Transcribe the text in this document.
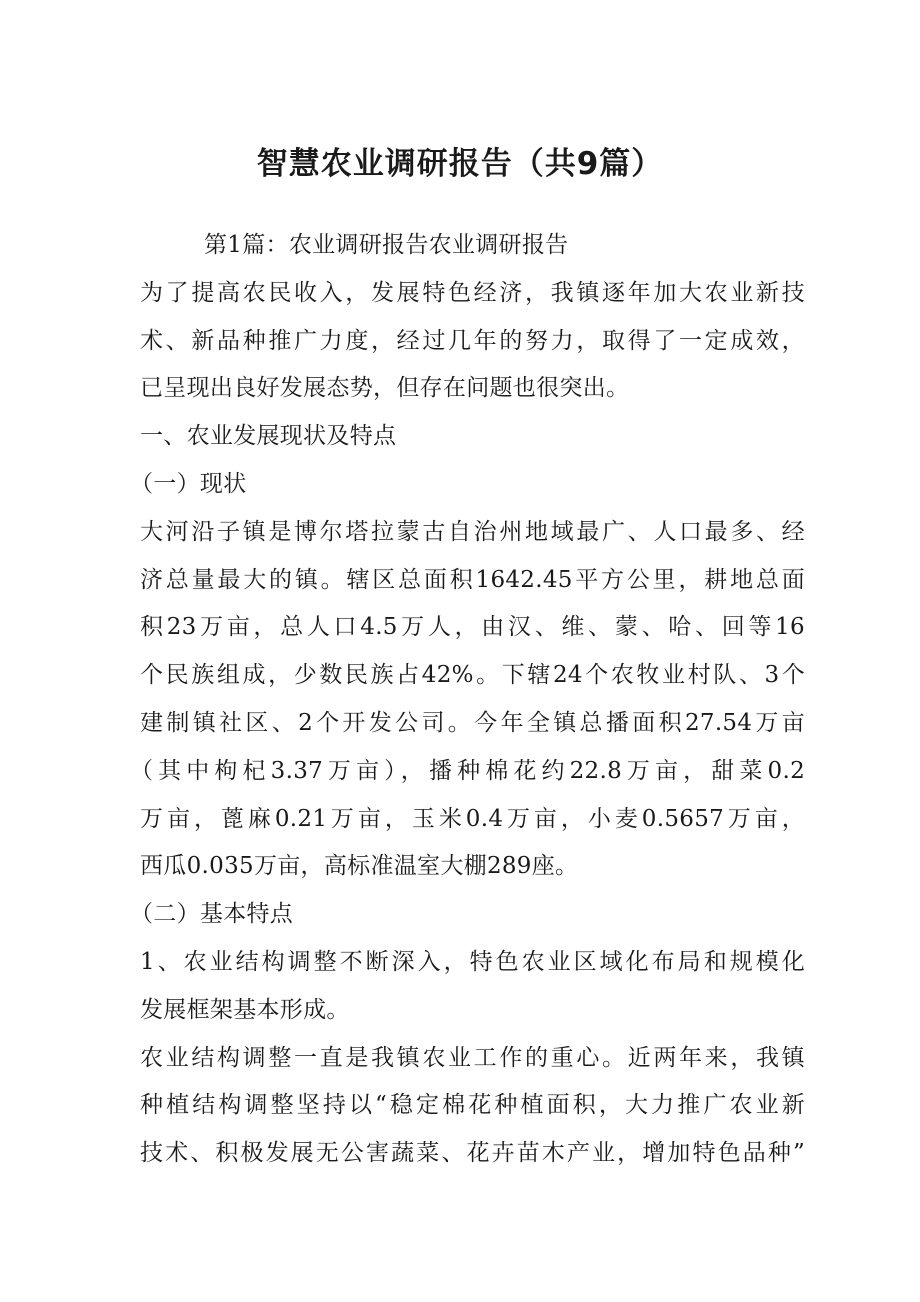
智慧农业调研报告（共9篇）

第1篇：农业调研报告农业调研报告

为了提高农民收入，发展特色经济，我镇逐年加大农业新技

术、新品种推广力度，经过几年的努力，取得了一定成效，

已呈现出良好发展态势，但存在问题也很突出。

一、农业发展现状及特点

（一）现状

大河沿子镇是博尔塔拉蒙古自治州地域最广、人口最多、经

济总量最大的镇。辖区总面积1642.45平方公里，耕地总面

积23万亩，总人口4.5万人，由汉、维、蒙、哈、回等16

个民族组成，少数民族占42%。下辖24个农牧业村队、3个

建制镇社区、2个开发公司。今年全镇总播面积27.54万亩

（其中枸杞3.37万亩），播种棉花约22.8万亩，甜菜0.2

万亩，蓖麻0.21万亩，玉米0.4万亩，小麦0.5657万亩，

西瓜0.035万亩，高标准温室大棚289座。

（二）基本特点

1、农业结构调整不断深入，特色农业区域化布局和规模化

发展框架基本形成。

农业结构调整一直是我镇农业工作的重心。近两年来，我镇

种植结构调整坚持以“稳定棉花种植面积，大力推广农业新

技术、积极发展无公害蔬菜、花卉苗木产业，增加特色品种”
